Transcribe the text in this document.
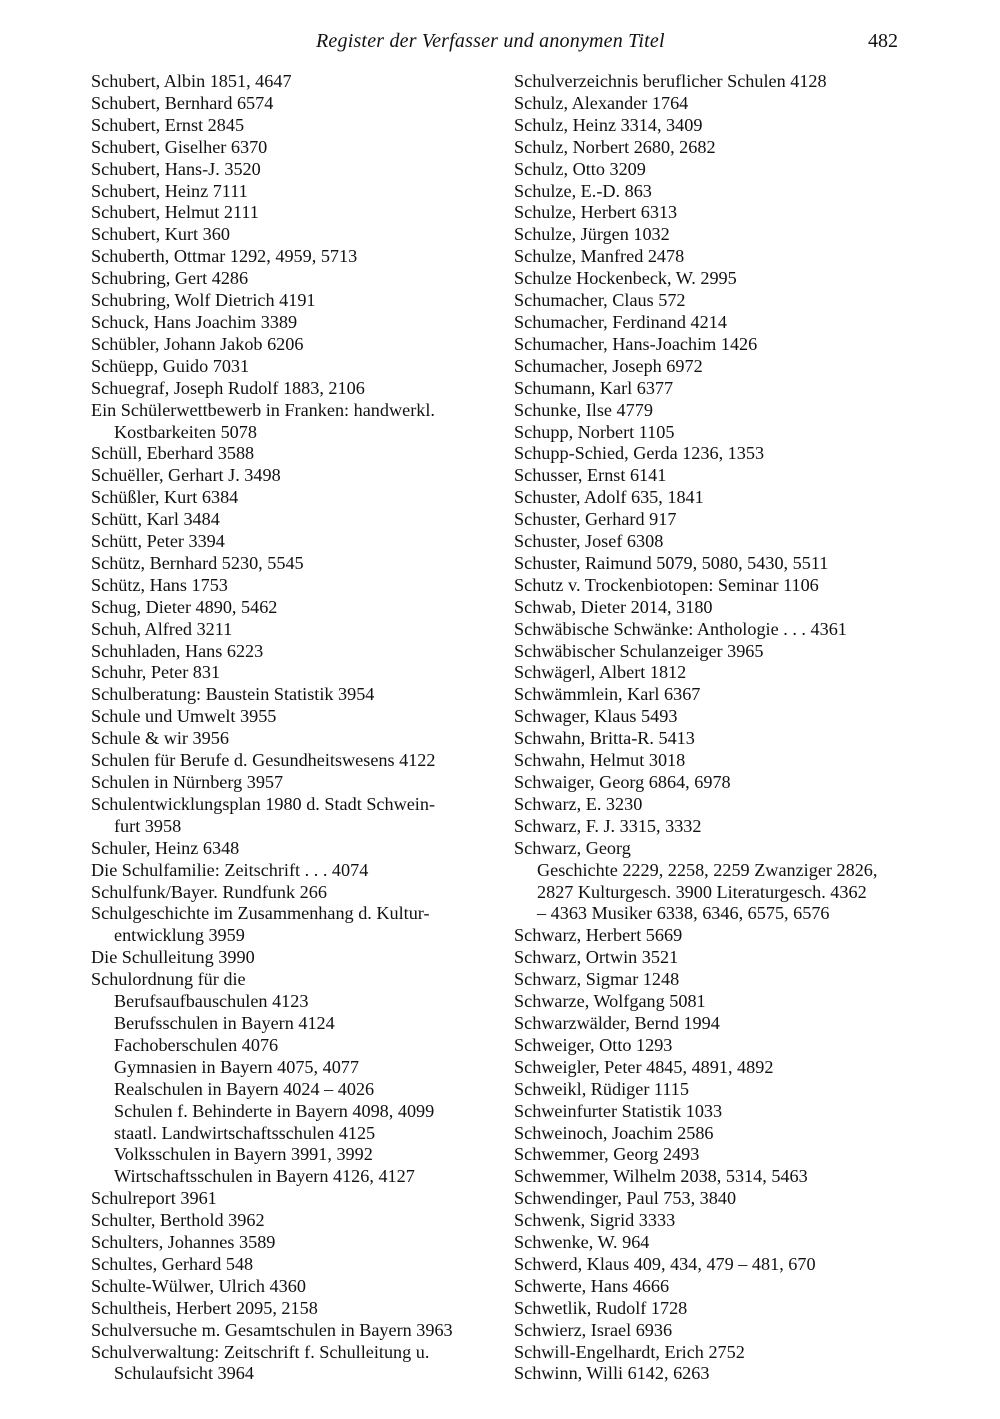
Register der Verfasser und anonymen Titel	482
Schubert, Albin 1851, 4647
Schubert, Bernhard 6574
Schubert, Ernst 2845
Schubert, Giselher 6370
Schubert, Hans-J. 3520
Schubert, Heinz 7111
Schubert, Helmut 2111
Schubert, Kurt 360
Schuberth, Ottmar 1292, 4959, 5713
Schubring, Gert 4286
Schubring, Wolf Dietrich 4191
Schuck, Hans Joachim 3389
Schübler, Johann Jakob 6206
Schüepp, Guido 7031
Schuegraf, Joseph Rudolf 1883, 2106
Ein Schülerwettbewerb in Franken: handwerkl.
Kostbarkeiten 5078
Schüll, Eberhard 3588
Schuëller, Gerhart J. 3498
Schüßler, Kurt 6384
Schütt, Karl 3484
Schütt, Peter 3394
Schütz, Bernhard 5230, 5545
Schütz, Hans 1753
Schug, Dieter 4890, 5462
Schuh, Alfred 3211
Schuhladen, Hans 6223
Schuhr, Peter 831
Schulberatung: Baustein Statistik 3954
Schule und Umwelt 3955
Schule & wir 3956
Schulen für Berufe d. Gesundheitswesens 4122
Schulen in Nürnberg 3957
Schulentwicklungsplan 1980 d. Stadt Schwein-
furt 3958
Schuler, Heinz 6348
Die Schulfamilie: Zeitschrift . . . 4074
Schulfunk/Bayer. Rundfunk 266
Schulgeschichte im Zusammenhang d. Kultur-
entwicklung 3959
Die Schulleitung 3990
Schulordnung für die
Berufsaufbauschulen 4123
Berufsschulen in Bayern 4124
Fachoberschulen 4076
Gymnasien in Bayern 4075, 4077
Realschulen in Bayern 4024 – 4026
Schulen f. Behinderte in Bayern 4098, 4099
staatl. Landwirtschaftsschulen 4125
Volksschulen in Bayern 3991, 3992
Wirtschaftsschulen in Bayern 4126, 4127
Schulreport 3961
Schulter, Berthold 3962
Schulters, Johannes 3589
Schultes, Gerhard 548
Schulte-Wülwer, Ulrich 4360
Schultheis, Herbert 2095, 2158
Schulversuche m. Gesamtschulen in Bayern 3963
Schulverwaltung: Zeitschrift f. Schulleitung u.
Schulaufsicht 3964
Schulverzeichnis beruflicher Schulen 4128
Schulz, Alexander 1764
Schulz, Heinz 3314, 3409
Schulz, Norbert 2680, 2682
Schulz, Otto 3209
Schulze, E.-D. 863
Schulze, Herbert 6313
Schulze, Jürgen 1032
Schulze, Manfred 2478
Schulze Hockenbeck, W. 2995
Schumacher, Claus 572
Schumacher, Ferdinand 4214
Schumacher, Hans-Joachim 1426
Schumacher, Joseph 6972
Schumann, Karl 6377
Schunke, Ilse 4779
Schupp, Norbert 1105
Schupp-Schied, Gerda 1236, 1353
Schusser, Ernst 6141
Schuster, Adolf 635, 1841
Schuster, Gerhard 917
Schuster, Josef 6308
Schuster, Raimund 5079, 5080, 5430, 5511
Schutz v. Trockenbiotopen: Seminar 1106
Schwab, Dieter 2014, 3180
Schwäbische Schwänke: Anthologie . . . 4361
Schwäbischer Schulanzeiger 3965
Schwägerl, Albert 1812
Schwämmlein, Karl 6367
Schwager, Klaus 5493
Schwahn, Britta-R. 5413
Schwahn, Helmut 3018
Schwaiger, Georg 6864, 6978
Schwarz, E. 3230
Schwarz, F. J. 3315, 3332
Schwarz, Georg
Geschichte 2229, 2258, 2259 Zwanziger 2826,
2827 Kulturgesch. 3900 Literaturgesch. 4362
– 4363 Musiker 6338, 6346, 6575, 6576
Schwarz, Herbert 5669
Schwarz, Ortwin 3521
Schwarz, Sigmar 1248
Schwarze, Wolfgang 5081
Schwarzwälder, Bernd 1994
Schweiger, Otto 1293
Schweigler, Peter 4845, 4891, 4892
Schweikl, Rüdiger 1115
Schweinfurter Statistik 1033
Schweinoch, Joachim 2586
Schwemmer, Georg 2493
Schwemmer, Wilhelm 2038, 5314, 5463
Schwendinger, Paul 753, 3840
Schwenk, Sigrid 3333
Schwenke, W. 964
Schwerd, Klaus 409, 434, 479 – 481, 670
Schwerte, Hans 4666
Schwetlik, Rudolf 1728
Schwierz, Israel 6936
Schwill-Engelhardt, Erich 2752
Schwinn, Willi 6142, 6263
